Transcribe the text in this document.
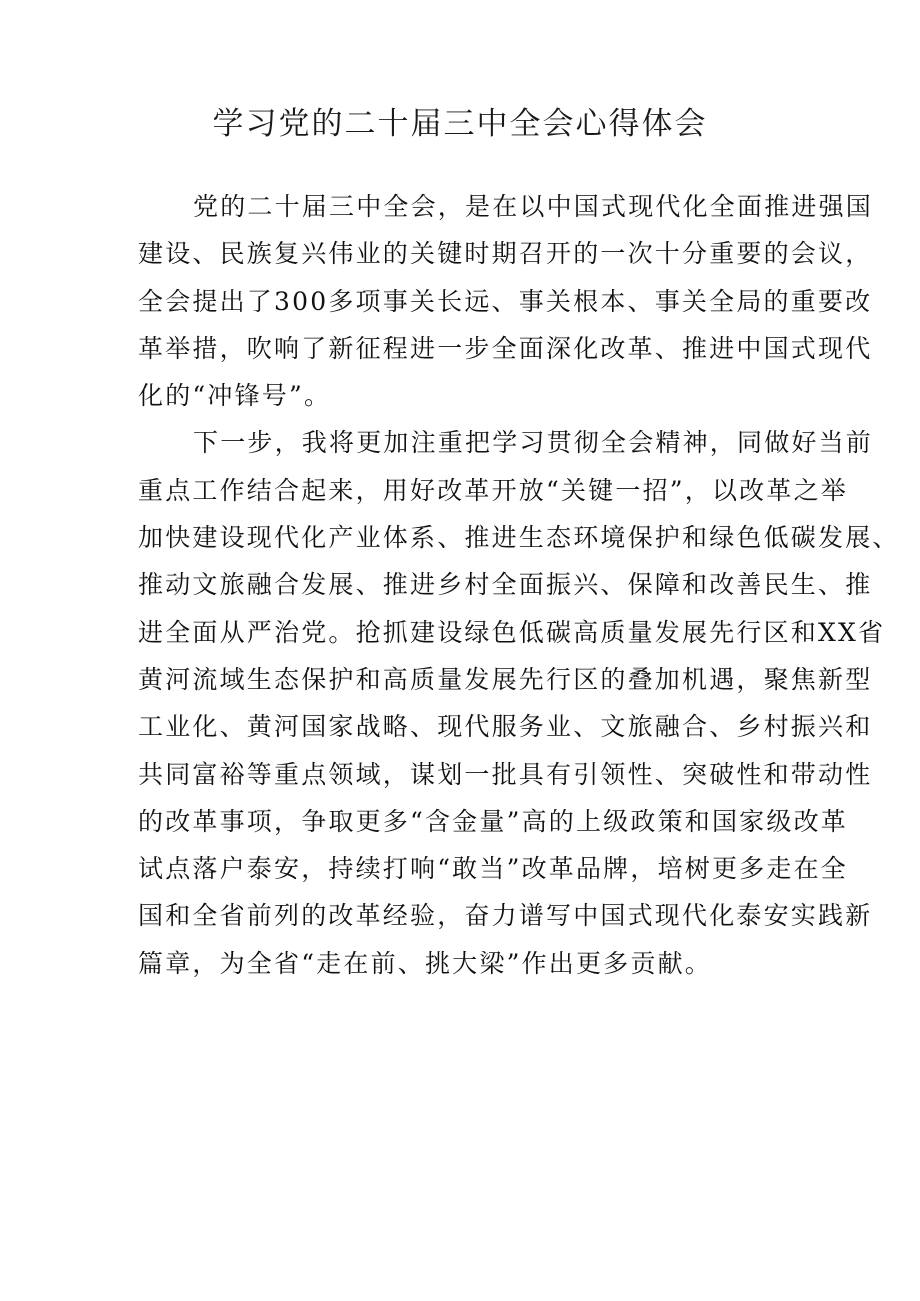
学习党的二十届三中全会心得体会
党的二十届三中全会，是在以中国式现代化全面推进强国
建设、民族复兴伟业的关键时期召开的一次十分重要的会议，
全会提出了300多项事关长远、事关根本、事关全局的重要改
革举措，吹响了新征程进一步全面深化改革、推进中国式现代
化的“冲锋号”。
下一步，我将更加注重把学习贯彻全会精神，同做好当前
重点工作结合起来，用好改革开放“关键一招”，以改革之举
加快建设现代化产业体系、推进生态环境保护和绿色低碳发展、
推动文旅融合发展、推进乡村全面振兴、保障和改善民生、推
进全面从严治党。抢抓建设绿色低碳高质量发展先行区和XX省
黄河流域生态保护和高质量发展先行区的叠加机遇，聚焦新型
工业化、黄河国家战略、现代服务业、文旅融合、乡村振兴和
共同富裕等重点领域，谋划一批具有引领性、突破性和带动性
的改革事项，争取更多“含金量”高的上级政策和国家级改革
试点落户泰安，持续打响“敢当”改革品牌，培树更多走在全
国和全省前列的改革经验，奋力谱写中国式现代化泰安实践新
篇章，为全省“走在前、挑大梁”作出更多贡献。
